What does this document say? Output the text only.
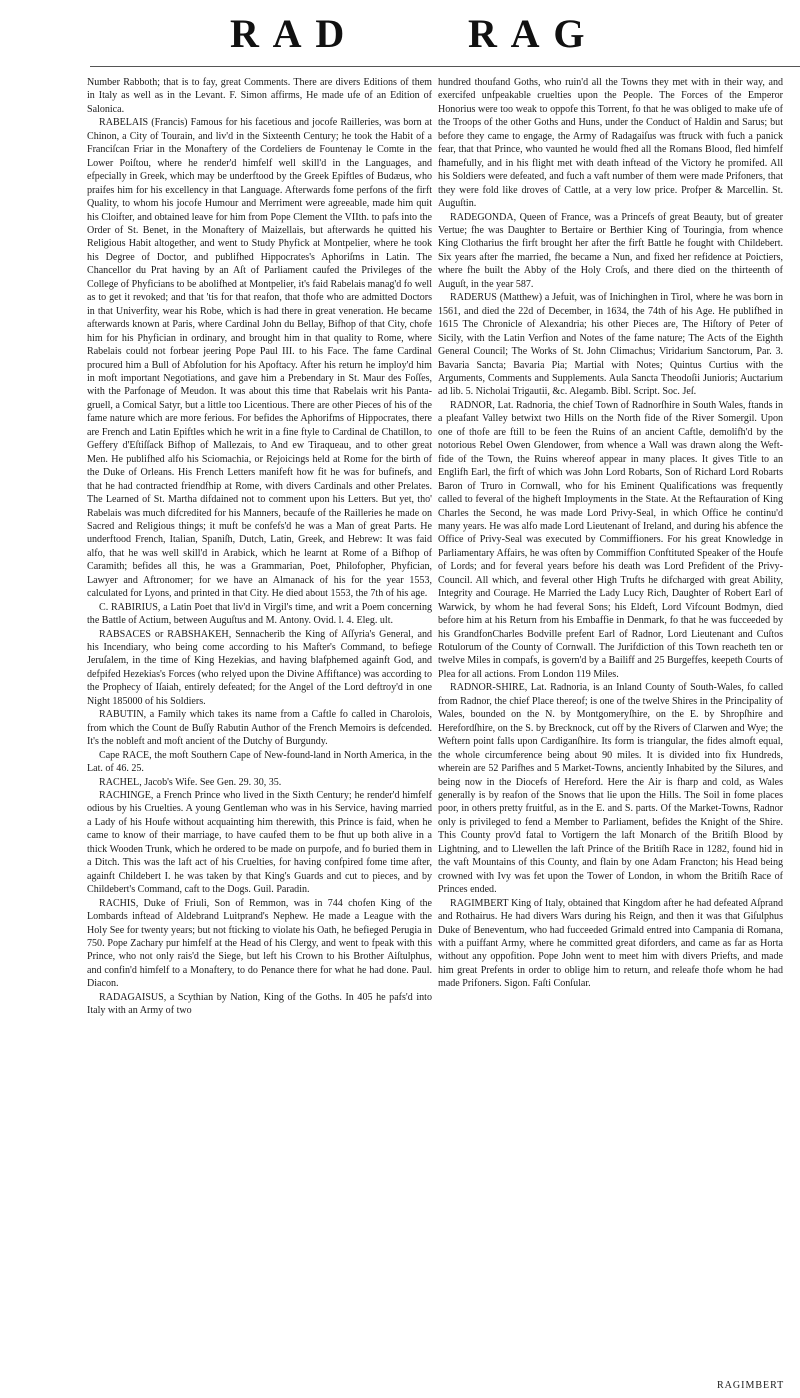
R A D	R A G

Number Rabboth; that is to fay, great Comments. There are divers Editions of them in Italy as well as in the Levant. F. Simon affirms, He made ufe of an Edition of Salonica.

RABELAIS (Francis) Famous for his facetious and jocofe Railleries, was born at Chinon, a City of Tourain, and liv'd in the Sixteenth Century; he took the Habit of a Franciſcan Friar in the Monaftery of the Cordeliers de Fountenay le Comte in the Lower Poiſtou, where he render'd himfelf well skill'd in the Languages, and efpecially in Greek, which may be underftood by the Greek Epiftles of Budæus, who praifes him for his excellency in that Language. Afterwards fome perfons of the firft Quality, to whom his jocofe Humour and Merriment were agreeable, made him quit his Cloifter, and obtained leave for him from Pope Clement the VIIth. to pafs into the Order of St. Benet, in the Monaftery of Maizellais, but afterwards he quitted his Religious Habit altogether, and went to Study Phyfick at Montpelier, where he took his Degree of Doctor, and publifhed Hippocrates's Aphoriſms in Latin. The Chancellor du Prat having by an Aſt of Parliament caufed the Privileges of the College of Phyficians to be abolifhed at Montpelier, it's faid Rabelais manag'd fo well as to get it revoked; and that 'tis for that reafon, that thofe who are admitted Doctors in that Univerfity, wear his Robe, which is had there in great veneration. He became afterwards known at Paris, where Cardinal John du Bellay, Bifhop of that City, chofe him for his Phyfician in ordinary, and brought him in that quality to Rome, where Rabelais could not forbear jeering Pope Paul III. to his Face. The fame Cardinal procured him a Bull of Abfolution for his Apoftacy. After his return he imploy'd him in moft important Negotiations, and gave him a Prebendary in St. Maur des Foſſes, with the Parfonage of Meudon. It was about this time that Rabelais writ his Panta-gruell, a Comical Satyr, but a little too Licentious. There are other Pieces of his of the fame nature which are more ferious. For befides the Aphorifms of Hippocrates, there are French and Latin Epiftles which he writ in a fine ftyle to Cardinal de Chatillon, to Geffery d'Eſtiſſack Bifhop of Mallezais, to And ew Tiraqueau, and to other great Men. He publifhed alfo his Sciomachia, or Rejoicings held at Rome for the birth of the Duke of Orleans. His French Letters manifeft how fit he was for bufinefs, and that he had contracted friendfhip at Rome, with divers Cardinals and other Prelates. The Learned of St. Martha difdained not to comment upon his Letters. But yet, tho' Rabelais was much difcredited for his Manners, becaufe of the Railleries he made on Sacred and Religious things; it muft be confefs'd he was a Man of great Parts. He underftood French, Italian, Spaniſh, Dutch, Latin, Greek, and Hebrew: It was faid alfo, that he was well skill'd in Arabick, which he learnt at Rome of a Bifhop of Caramith; befides all this, he was a Grammarian, Poet, Philofopher, Phyfician, Lawyer and Aftronomer; for we have an Almanack of his for the year 1553, calculated for Lyons, and printed in that City. He died about 1553, the 7th of his age.

C. RABIRIUS, a Latin Poet that liv'd in Virgil's time, and writ a Poem concerning the Battle of Actium, between Auguſtus and M. Antony. Ovid. l. 4. Eleg. ult.

RABSACES or RABSHAKEH, Sennacherib the King of Aſſyria's General, and his Incendiary, who being come according to his Mafter's Command, to befiege Jeruſalem, in the time of King Hezekias, and having blafphemed againft God, and defpifed Hezekias's Forces (who relyed upon the Divine Affiftance) was according to the Prophecy of Iſaiah, entirely defeated; for the Angel of the Lord deftroy'd in one Night 185000 of his Soldiers.

RABUTIN, a Family which takes its name from a Caftle fo called in Charolois, from which the Count de Buſſy Rabutin Author of the French Memoirs is defcended. It's the nobleft and moft ancient of the Dutchy of Burgundy.

Cape RACE, the moft Southern Cape of New-found-land in North America, in the Lat. of 46. 25.

RACHEL, Jacob's Wife. See Gen. 29. 30, 35.

RACHINGE, a French Prince who lived in the Sixth Century; he render'd himfelf odious by his Cruelties. A young Gentleman who was in his Service, having married a Lady of his Houfe without acquainting him therewith, this Prince is faid, when he came to know of their marriage, to have caufed them to be fhut up both alive in a thick Wooden Trunk, which he ordered to be made on purpofe, and fo buried them in a Ditch. This was the laft act of his Cruelties, for having confpired fome time after, againft Childebert I. he was taken by that King's Guards and cut to pieces, and by Childebert's Command, caft to the Dogs. Guil. Paradin.

RACHIS, Duke of Friuli, Son of Remmon, was in 744 chofen King of the Lombards inftead of Aldebrand Luitprand's Nephew. He made a League with the Holy See for twenty years; but not fticking to violate his Oath, he befieged Perugia in 750. Pope Zachary pur himfelf at the Head of his Clergy, and went to fpeak with this Prince, who not only rais'd the Siege, but left his Crown to his Brother Aiſtulphus, and confin'd himfelf to a Monaftery, to do Penance there for what he had done. Paul. Diacon.

RADAGAISUS, a Scythian by Nation, King of the Goths. In 405 he pafs'd into Italy with an Army of two

hundred thoufand Goths, who ruin'd all the Towns they met with in their way, and exercifed unfpeakable cruelties upon the People. The Forces of the Emperor Honorius were too weak to oppofe this Torrent, fo that he was obliged to make ufe of the Troops of the other Goths and Huns, under the Conduct of Haldin and Sarus; but before they came to engage, the Army of Radagaiſus was ftruck with fuch a panick fear, that that Prince, who vaunted he would fhed all the Romans Blood, fled himfelf fhamefully, and in his flight met with death inftead of the Victory he promifed. All his Soldiers were defeated, and fuch a vaft number of them were made Prifoners, that they were fold like droves of Cattle, at a very low price. Profper & Marcellin. St. Auguſtin.

RADEGONDA, Queen of France, was a Princefs of great Beauty, but of greater Vertue; fhe was Daughter to Bertaire or Berthier King of Touringia, from whence King Clotharius the firft brought her after the firft Battle he fought with Childebert. Six years after fhe married, fhe became a Nun, and fixed her refidence at Poictiers, where fhe built the Abby of the Holy Croſs, and there died on the thirteenth of Auguſt, in the year 587.

RADERUS (Matthew) a Jefuit, was of Inichinghen in Tirol, where he was born in 1561, and died the 22d of December, in 1634, the 74th of his Age. He publifhed in 1615 The Chronicle of Alexandria; his other Pieces are, The Hiſtory of Peter of Sicily, with the Latin Verfion and Notes of the fame nature; The Acts of the Eighth General Council; The Works of St. John Climachus; Viridarium Sanctorum, Par. 3. Bavaria Sancta; Bavaria Pia; Martial with Notes; Quintus Curtius with the Arguments, Comments and Supplements. Aula Sancta Theodoſii Junioris; Auctarium ad lib. 5. Nicholai Trigautii, &c. Alegamb. Bibl. Script. Soc. Jeſ.

RADNOR, Lat. Radnoria, the chief Town of Radnorſhire in South Wales, ftands in a pleafant Valley betwixt two Hills on the North fide of the River Somergil. Upon one of thofe are ftill to be feen the Ruins of an ancient Caftle, demolifh'd by the notorious Rebel Owen Glendower, from whence a Wall was drawn along the Weft-fide of the Town, the Ruins whereof appear in many places. It gives Title to an Englifh Earl, the firft of which was John Lord Robarts, Son of Richard Lord Robarts Baron of Truro in Cornwall, who for his Eminent Qualifications was frequently called to feveral of the higheft Imployments in the State. At the Reftauration of King Charles the Second, he was made Lord Privy-Seal, in which Office he continu'd many years. He was alfo made Lord Lieutenant of Ireland, and during his abfence the Office of Privy-Seal was executed by Commiffioners. For his great Knowledge in Parliamentary Affairs, he was often by Commiffion Conftituted Speaker of the Houfe of Lords; and for feveral years before his death was Lord Prefident of the Privy-Council. All which, and feveral other High Trufts he difcharged with great Ability, Integrity and Courage. He Married the Lady Lucy Rich, Daughter of Robert Earl of Warwick, by whom he had feveral Sons; his Eldeft, Lord Vifcount Bodmyn, died before him at his Return from his Embaffie in Denmark, fo that he was fucceeded by his GrandfonCharles Bodville prefent Earl of Radnor, Lord Lieutenant and Cuſtos Rotulorum of the County of Cornwall. The Jurifdiction of this Town reacheth ten or twelve Miles in compafs, is govern'd by a Bailiff and 25 Burgeffes, keepeth Courts of Plea for all actions. From London 119 Miles.

RADNOR-SHIRE, Lat. Radnoria, is an Inland County of South-Wales, fo called from Radnor, the chief Place thereof; is one of the twelve Shires in the Principality of Wales, bounded on the N. by Montgomeryſhire, on the E. by Shropſhire and Herefordſhire, on the S. by Brecknock, cut off by the Rivers of Clarwen and Wye; the Weftern point falls upon Cardiganſhire. Its form is triangular, the fides almoft equal, the whole circumference being about 90 miles. It is divided into fix Hundreds, wherein are 52 Parifhes and 5 Market-Towns, anciently Inhabited by the Silures, and being now in the Diocefs of Hereford. Here the Air is fharp and cold, as Wales generally is by reafon of the Snows that lie upon the Hills. The Soil in fome places poor, in others pretty fruitful, as in the E. and S. parts. Of the Market-Towns, Radnor only is privileged to fend a Member to Parliament, befides the Knight of the Shire. This County prov'd fatal to Vortigern the laft Monarch of the Britiſh Blood by Lightning, and to Llewellen the laft Prince of the Britiſh Race in 1282, found hid in the vaft Mountains of this County, and flain by one Adam Francton; his Head being crowned with Ivy was fet upon the Tower of London, in whom the Britiſh Race of Princes ended.

RAGIMBERT King of Italy, obtained that Kingdom after he had defeated Aſprand and Rothairus. He had divers Wars during his Reign, and then it was that Giſulphus Duke of Beneventum, who had fucceeded Grimald entred into Campania di Romana, with a puiffant Army, where he committed great diforders, and came as far as Horta without any oppofition. Pope John went to meet him with divers Priefts, and made him great Prefents in order to oblige him to return, and releafe thofe whom he had made Prifoners. Sigon. Faſti Conſular.

RAGIMBERT
